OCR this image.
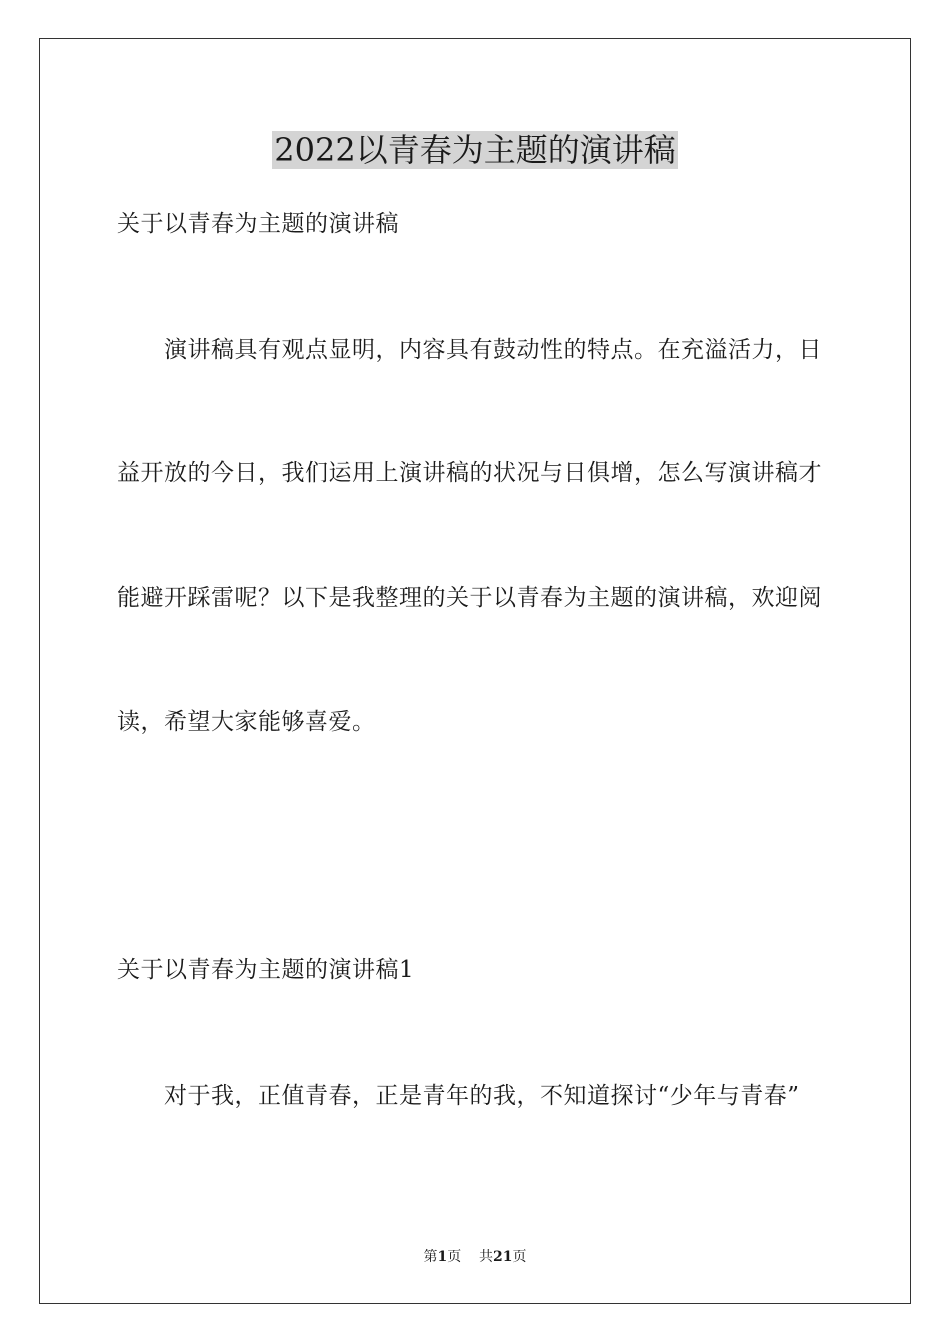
2022以青春为主题的演讲稿

关于以青春为主题的演讲稿

演讲稿具有观点显明，内容具有鼓动性的特点。在充溢活力，日

益开放的今日，我们运用上演讲稿的状况与日俱增，怎么写演讲稿才

能避开踩雷呢？以下是我整理的关于以青春为主题的演讲稿，欢迎阅

读，希望大家能够喜爱。

关于以青春为主题的演讲稿1

对于我，正值青春，正是青年的我，不知道探讨“少年与青春”

第1页 共21页
